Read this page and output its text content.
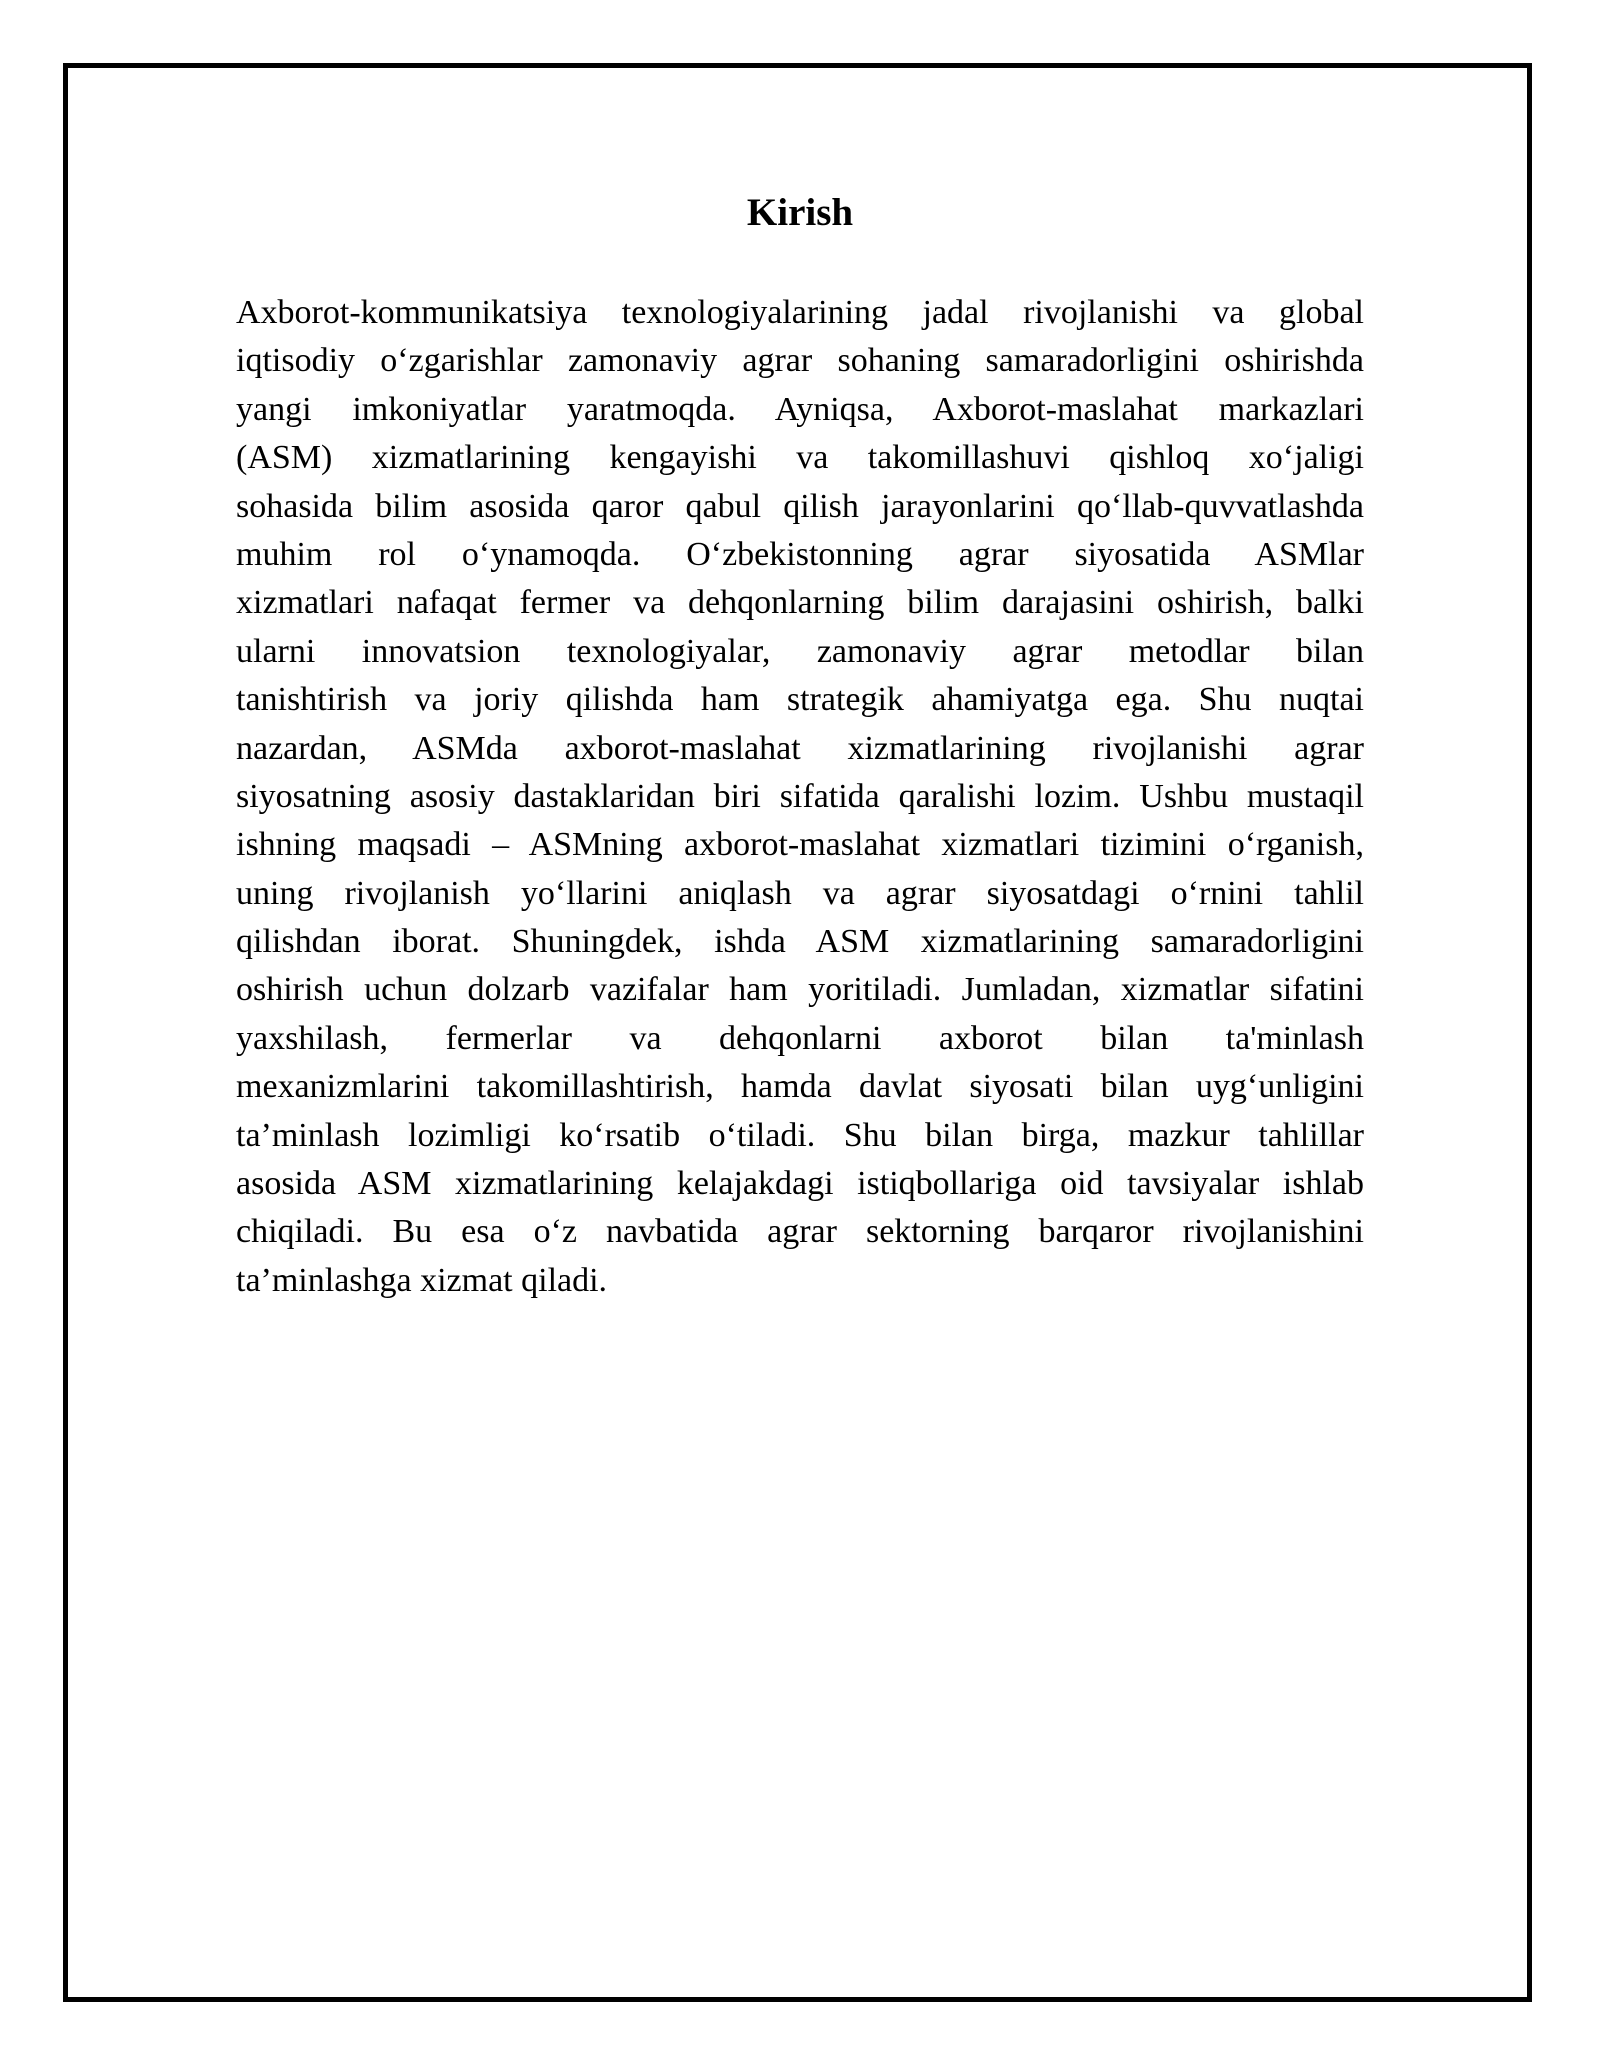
Kirish
Axborot-kommunikatsiya texnologiyalarining jadal rivojlanishi va global
iqtisodiy o‘zgarishlar zamonaviy agrar sohaning samaradorligini oshirishda
yangi imkoniyatlar yaratmoqda. Ayniqsa, Axborot-maslahat markazlari
(ASM) xizmatlarining kengayishi va takomillashuvi qishloq xo‘jaligi
sohasida bilim asosida qaror qabul qilish jarayonlarini qo‘llab-quvvatlashda
muhim rol o‘ynamoqda. O‘zbekistonning agrar siyosatida ASMlar
xizmatlari nafaqat fermer va dehqonlarning bilim darajasini oshirish, balki
ularni innovatsion texnologiyalar, zamonaviy agrar metodlar bilan
tanishtirish va joriy qilishda ham strategik ahamiyatga ega. Shu nuqtai
nazardan, ASMda axborot-maslahat xizmatlarining rivojlanishi agrar
siyosatning asosiy dastaklaridan biri sifatida qaralishi lozim. Ushbu mustaqil
ishning maqsadi – ASMning axborot-maslahat xizmatlari tizimini o‘rganish,
uning rivojlanish yo‘llarini aniqlash va agrar siyosatdagi o‘rnini tahlil
qilishdan iborat. Shuningdek, ishda ASM xizmatlarining samaradorligini
oshirish uchun dolzarb vazifalar ham yoritiladi. Jumladan, xizmatlar sifatini
yaxshilash, fermerlar va dehqonlarni axborot bilan ta'minlash
mexanizmlarini takomillashtirish, hamda davlat siyosati bilan uyg‘unligini
ta’minlash lozimligi ko‘rsatib o‘tiladi. Shu bilan birga, mazkur tahlillar
asosida ASM xizmatlarining kelajakdagi istiqbollariga oid tavsiyalar ishlab
chiqiladi. Bu esa o‘z navbatida agrar sektorning barqaror rivojlanishini
ta’minlashga xizmat qiladi.
